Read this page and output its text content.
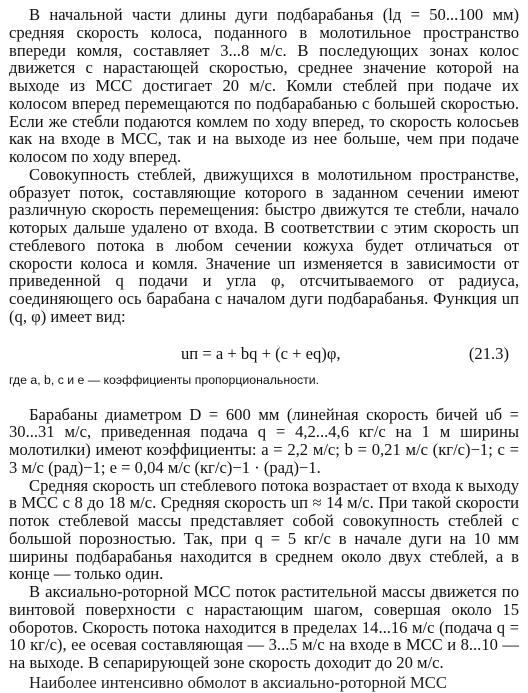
В начальной части длины дуги подбарабанья (lд = 50...100 мм) средняя скорость колоса, поданного в молотильное пространство впереди комля, составляет 3...8 м/с. В последующих зонах колос движется с нарастающей скоростью, среднее значение которой на выходе из МСС достигает 20 м/с. Комли стеблей при подаче их колосом вперед перемещаются по подбарабанью с большей скоростью. Если же стебли подаются комлем по ходу вперед, то скорость колосьев как на входе в МСС, так и на выходе из нее больше, чем при подаче колосом по ходу вперед.

Совокупность стеблей, движущихся в молотильном пространстве, образует поток, составляющие которого в заданном сечении имеют различную скорость перемещения: быстро движутся те стебли, начало которых дальше удалено от входа. В соответствии с этим скорость uп стеблевого потока в любом сечении кожуха будет отличаться от скорости колоса и комля. Значение uп изменяется в зависимости от приведенной q подачи и угла φ, отсчитываемого от радиуса, соединяющего ось барабана с началом дуги подбарабанья. Функция uп (q, φ) имеет вид:

uп = a + bq + (c + eq)φ,	(21.3)

где a, b, c и e — коэффициенты пропорциональности.

Барабаны диаметром D = 600 мм (линейная скорость бичей uб = 30...31 м/с, приведенная подача q = 4,2...4,6 кг/с на 1 м ширины молотилки) имеют коэффициенты: a = 2,2 м/с; b = 0,21 м/с (кг/с)−1; c = 3 м/с (рад)−1; e = 0,04 м/с (кг/с)−1 · (рад)−1.

Средняя скорость uп стеблевого потока возрастает от входа к выходу в МСС с 8 до 18 м/с. Средняя скорость uп ≈ 14 м/с. При такой скорости поток стеблевой массы представляет собой совокупность стеблей с большой порозностью. Так, при q = 5 кг/с в начале дуги на 10 мм ширины подбарабанья находится в среднем около двух стеблей, а в конце — только один.

В аксиально-роторной МСС поток растительной массы движется по винтовой поверхности с нарастающим шагом, совершая около 15 оборотов. Скорость потока находится в пределах 14...16 м/с (подача q = 10 кг/с), ее осевая составляющая — 3...5 м/с на входе в МСС и 8...10 — на выходе. В сепарирующей зоне скорость доходит до 20 м/с.

Наиболее интенсивно обмолот в аксиально-роторной МСС
